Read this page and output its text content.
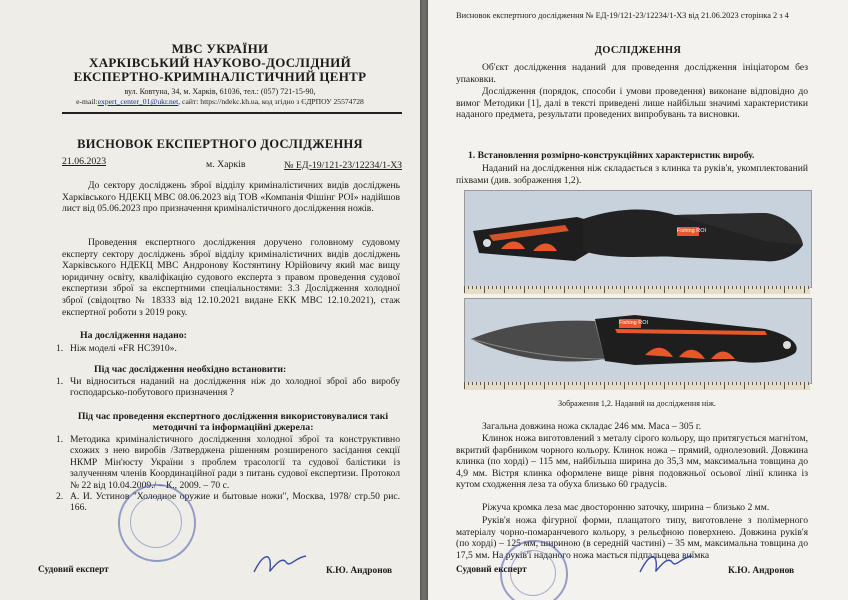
МВС УКРАЇНИ
ХАРКІВСЬКИЙ НАУКОВО-ДОСЛІДНИЙ
ЕКСПЕРТНО-КРИМІНАЛІСТИЧНИЙ ЦЕНТР
вул. Ковтуна, 34, м. Харків, 61036, тел.: (057) 721-15-90,
e-mail:expert_center_01@ukr.net, сайт: https://ndekc.kh.ua, код згідно з ЄДРПОУ 25574728
ВИСНОВОК ЕКСПЕРТНОГО ДОСЛІДЖЕННЯ
21.06.2023	м. Харків	№ ЕД-19/121-23/12234/1-ХЗ

До сектору досліджень зброї відділу криміналістичних видів досліджень Харківського НДЕКЦ МВС 08.06.2023 від ТОВ «Компанія Фішінг РОІ» надійшов лист від 05.06.2023 про призначення криміналістичного дослідження ножів.

Проведення експертного дослідження доручено головному судовому експерту сектору досліджень зброї відділу криміналістичних видів досліджень Харківського НДЕКЦ МВС Андронову Костянтину Юрійовичу який має вищу юридичну освіту, кваліфікацію судового експерта з правом проведення судової експертизи зброї за експертними спеціальностями: 3.3 Дослідження холодної зброї (свідоцтво № 18333 від 12.10.2021 видане ЕКК МВС 12.10.2021), стаж експертної роботи з 2019 року.

На дослідження надано:
1. Ніж моделі «FR HC3910».
Під час дослідження необхідно встановити:
1. Чи відноситься наданий на дослідження ніж до холодної зброї або виробу господарсько-побутового призначення ?
Під час проведення експертного дослідження використовувалися такі методичні та інформаційні джерела:
1. Методика криміналістичного дослідження холодної зброї та конструктивно схожих з нею виробів /Затверджена рішенням розширеного засідання секції НКМР Мін'юсту України з проблем трасології та судової балістики із залученням членів Координаційної ради з питань судової експертизи. Протокол № 22 від 10.04.2009./ – К., 2009. – 70 с.
2. А. И. Устинов "Холодное оружие и бытовые ножи", Москва, 1978/ стр.50 рис. 166.
Судовий експерт	К.Ю. Андронов
Висновок експертного дослідження № ЕД-19/121-23/12234/1-ХЗ від 21.06.2023 сторінка 2 з 4
ДОСЛІДЖЕННЯ

Об'єкт дослідження наданий для проведення дослідження ініціатором без упаковки.

Дослідження (порядок, способи і умови проведення) виконане відповідно до вимог Методики [1], далі в тексті приведені лише найбільш значимі характеристики наданого предмета, результати проведених випробувань та висновки.

1. Встановлення розмірно-конструкційних характеристик виробу.

Наданий на дослідження ніж складається з клинка та руків'я, укомплектований піхвами (див. зображення 1,2).

Fishing ROI
Fishing ROI
Зображення 1,2. Наданий на дослідження ніж.

Загальна довжина ножа складає 246 мм. Маса – 305 г.

Клинок ножа виготовлений з металу сірого кольору, що притягується магнітом, вкритий фарбником чорного кольору. Клинок ножа – прямий, однолезовий. Довжина клинка (по хорді) – 115 мм, найбільша ширина до 35,3 мм, максимальна товщина до 4,9 мм. Вістря клинка оформлене вище рівня подовжньої осьової лінії клинка із кутом сходження леза та обуха близько 60 градусів.

Ріжуча кромка леза має двосторонню заточку, ширина – близько 2 мм.

Руків'я ножа фігурної форми, плащатого типу, виготовлене з полімерного матеріалу чорно-помаранчевого кольору, з рельєфною поверхнею. Довжина руків'я (по хорді) – 125 мм, шириною (в середній частині) – 35 мм, максимальна товщина до 17,5 мм. На руків'ї наданого ножа мається підпальцева виїмка

Судовий експерт	К.Ю. Андронов
